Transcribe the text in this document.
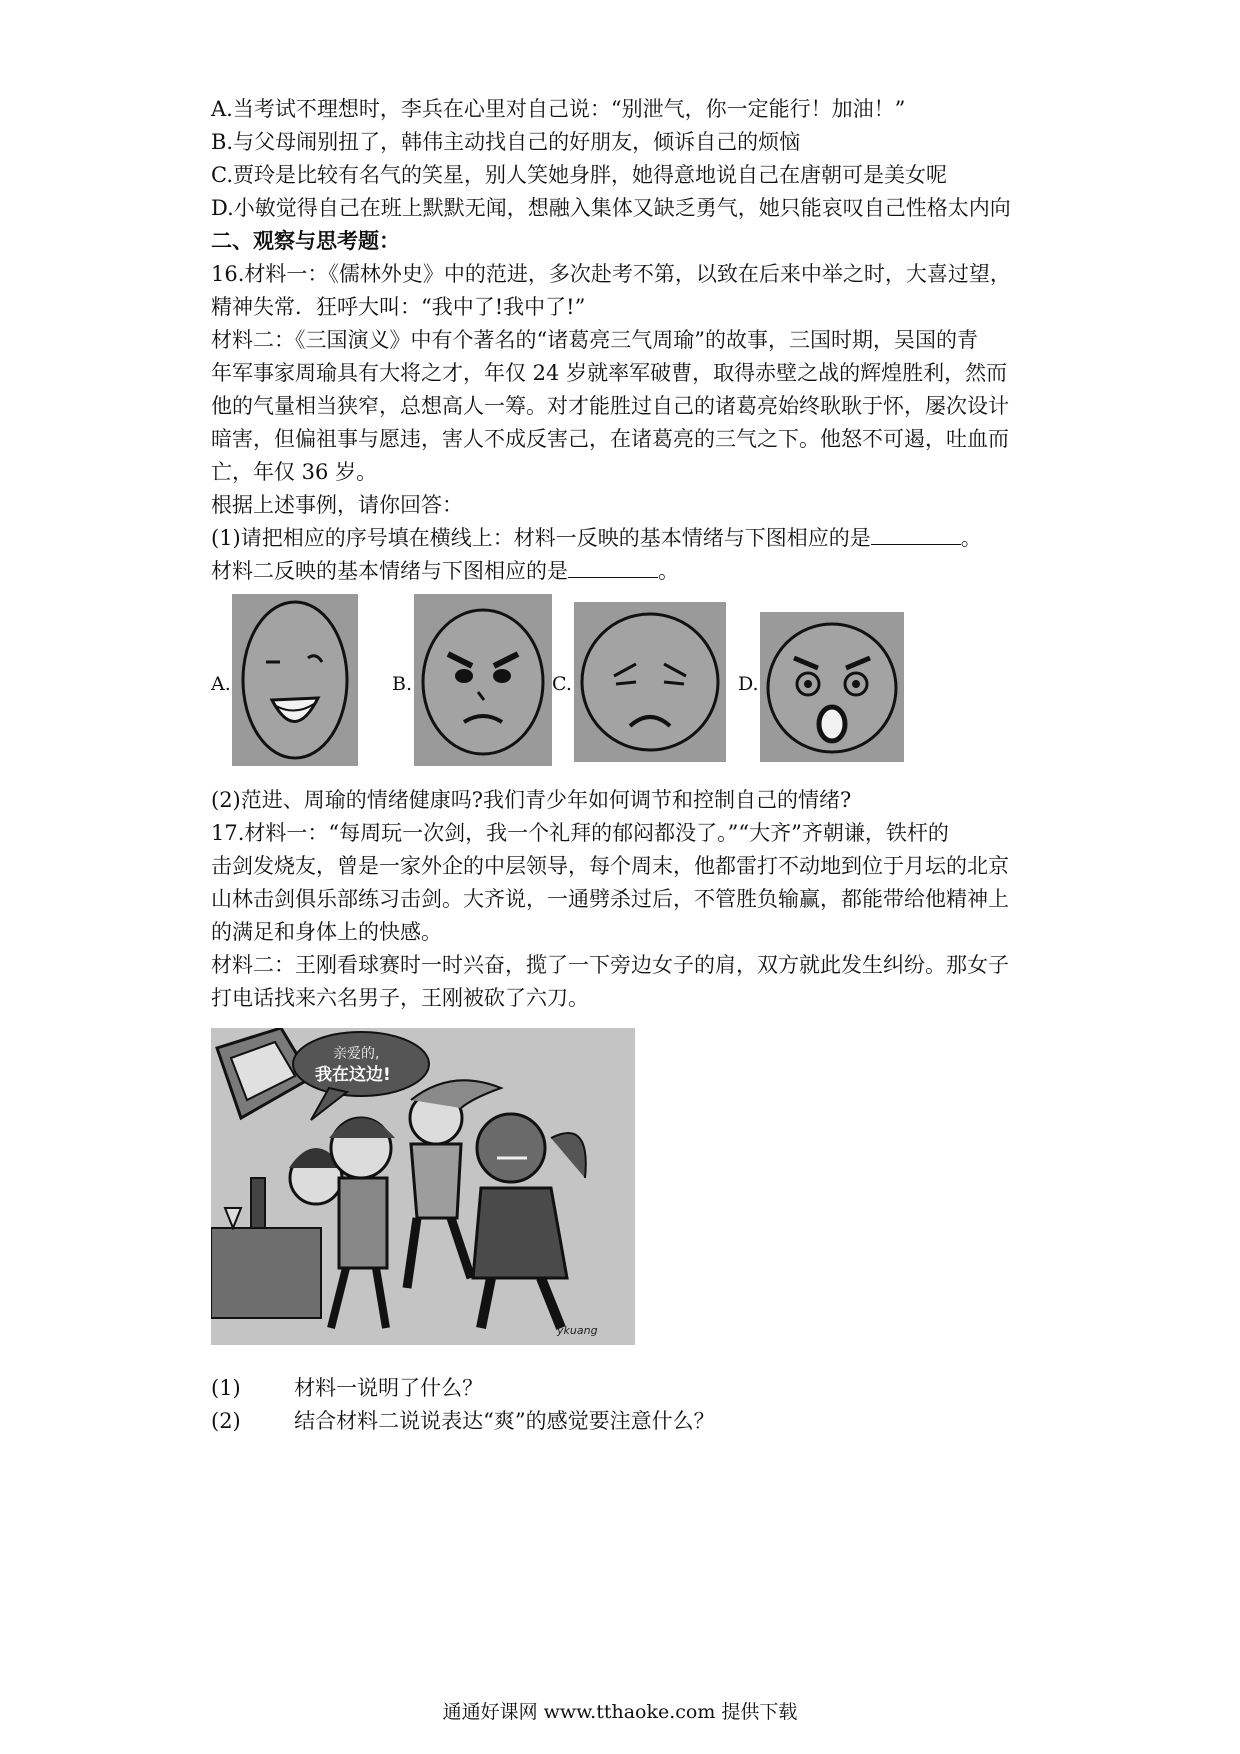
A.当考试不理想时，李兵在心里对自己说：“别泄气，你一定能行！加油！”
B.与父母闹别扭了，韩伟主动找自己的好朋友，倾诉自己的烦恼
C.贾玲是比较有名气的笑星，别人笑她身胖，她得意地说自己在唐朝可是美女呢
D.小敏觉得自己在班上默默无闻，想融入集体又缺乏勇气，她只能哀叹自己性格太内向
二、观察与思考题：
16.材料一：《儒林外史》中的范进，多次赴考不第，以致在后来中举之时，大喜过望，
精神失常．狂呼大叫：“我中了!我中了!”
材料二：《三国演义》中有个著名的“诸葛亮三气周瑜”的故事，三国时期，吴国的青
年军事家周瑜具有大将之才，年仅 24 岁就率军破曹，取得赤壁之战的辉煌胜利，然而
他的气量相当狭窄，总想高人一筹。对才能胜过自己的诸葛亮始终耿耿于怀，屡次设计
暗害，但偏祖事与愿违，害人不成反害己，在诸葛亮的三气之下。他怒不可遏，吐血而
亡，年仅 36 岁。
根据上述事例，请你回答：
(1)请把相应的序号填在横线上：材料一反映的基本情绪与下图相应的是	。
材料二反映的基本情绪与下图相应的是	。
A.	B.	C.	D.
(2)范进、周瑜的情绪健康吗?我们青少年如何调节和控制自己的情绪?
17.材料一：“每周玩一次剑，我一个礼拜的郁闷都没了。”“大齐”齐朝谦，铁杆的
击剑发烧友，曾是一家外企的中层领导，每个周末，他都雷打不动地到位于月坛的北京
山林击剑俱乐部练习击剑。大齐说，一通劈杀过后，不管胜负输赢，都能带给他精神上
的满足和身体上的快感。
材料二：王刚看球赛时一时兴奋，揽了一下旁边女子的肩，双方就此发生纠纷。那女子
打电话找来六名男子，王刚被砍了六刀。
亲爱的,
我在这边!
ykuang
(1)	材料一说明了什么？
(2)	结合材料二说说表达“爽”的感觉要注意什么？
通通好课网 www.tthaoke.com 提供下载
